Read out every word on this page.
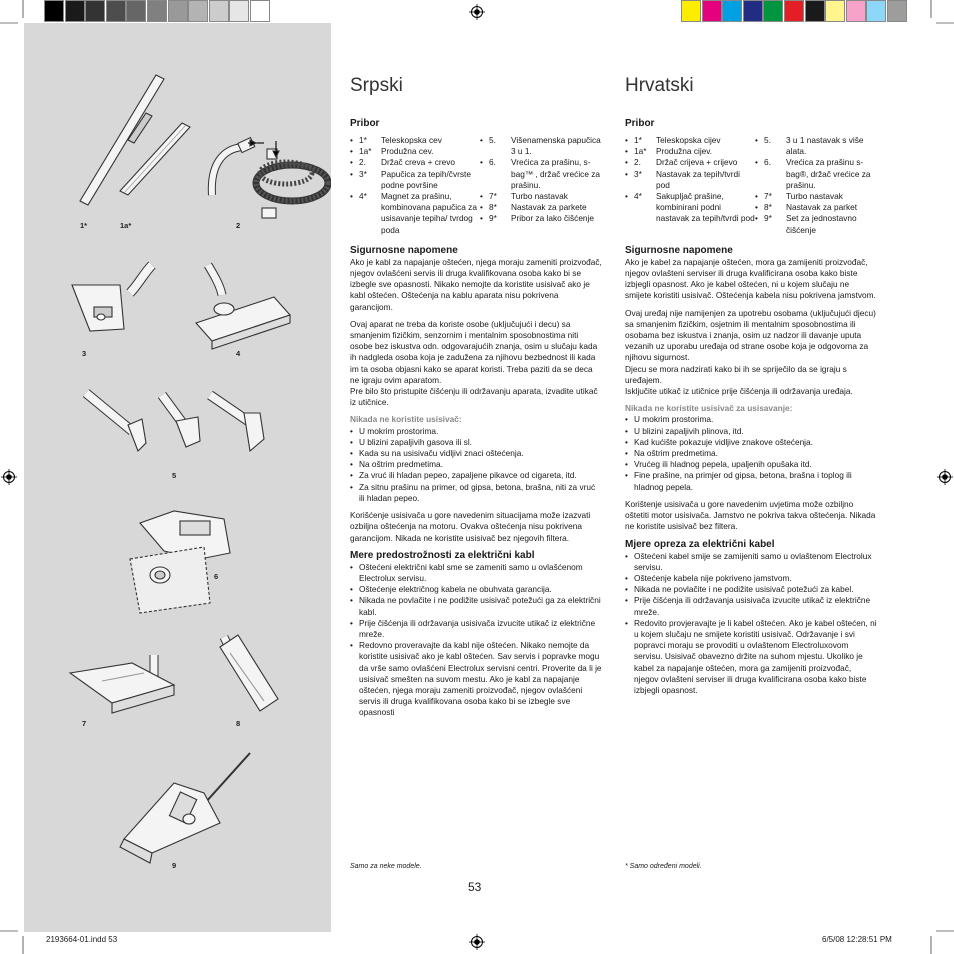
1*	1a*	2
3	4
5
6
7	8
9
Srpski
Pribor
• 1*	Teleskopska cev
• 1a*	Produžna cev.
• 2.	Držač creva + crevo
• 3*	Papučica za tepih/čvrste podne površine
• 4*	Magnet za prašinu, kombinovana papučica za usisavanje tepiha/ tvrdog poda
• 5.	Višenamenska papučica 3 u 1.
• 6.	Vrećica za prašinu, s-bag™ , držač vrećice za prašinu.
• 7*	Turbo nastavak
• 8*	Nastavak za parkete
• 9*	Pribor za lako čišćenje
Sigurnosne napomene

Ako je kabl za napajanje oštećen, njega moraju zameniti proizvođač, njegov ovlašćeni servis ili druga kvalifikovana osoba kako bi se izbegle sve opasnosti. Nikako nemojte da koristite usisivač ako je kabl oštećen. Oštećenja na kablu aparata nisu pokrivena garancijom.

Ovaj aparat ne treba da koriste osobe (uključujući i decu) sa smanjenim fizičkim, senzornim i mentalnim sposobnostima niti osobe bez iskustva odn. odgovarajućih znanja, osim u slučaju kada ih nadgleda osoba koja je zadužena za njihovu bezbednost ili kada im ta osoba objasni kako se aparat koristi. Treba paziti da se deca ne igraju ovim aparatom.

Pre bilo što pristupite čišćenju ili održavanju aparata, izvadite utikač iz utičnice.

Nikada ne koristite usisivač:

• U mokrim prostorima.
• U blizini zapaljivih gasova ili sl.
• Kada su na usisivaču vidljivi znaci oštećenja.
• Na oštrim predmetima.
• Za vruć ili hladan pepeo, zapaljene pikavce od cigareta, itd.
• Za sitnu prašinu na primer, od gipsa, betona, brašna, niti za vruć ili hladan pepeo.

Korišćenje usisivača u gore navedenim situacijama može izazvati ozbiljna oštećenja na motoru. Ovakva oštećenja nisu pokrivena garancijom. Nikada ne koristite usisivač bez njegovih filtera.

Mere predostrožnosti za električni kabl
• Oštećeni električni kabl sme se zameniti samo u ovlašćenom Electrolux servisu.
• Oštećenje električnog kabela ne obuhvata garancija.
• Nikada ne povlačite i ne podižite usisivač potežući ga za električni kabl.
• Prije čišćenja ili održavanja usisivača izvucite utikač iz električne mreže.
• Redovno proveravajte da kabl nije oštećen. Nikako nemojte da koristite usisivač ako je kabl oštećen. Sav servis i popravke mogu da vrše samo ovlašćeni Electrolux servisni centri. Proverite da li je usisivač smešten na suvom mestu. Ako je kabl za napajanje oštećen, njega moraju zameniti proizvođač, njegov ovlašćeni servis ili druga kvalifikovana osoba kako bi se izbegle sve opasnosti
Hrvatski
Pribor
• 1*	Teleskopska cijev
• 1a*	Produžna cijev.
• 2.	Držač crijeva + crijevo
• 3*	Nastavak za tepih/tvrdi pod
• 4*	Sakupljač prašine, kombinirani podni nastavak za tepih/tvrdi pod
• 5.	3 u 1 nastavak s više alata.
• 6.	Vrećica za prašinu s-bag®, držač vrećice za prašinu.
• 7*	Turbo nastavak
• 8*	Nastavak za parket
• 9*	Set za jednostavno čišćenje
Sigurnosne napomene

Ako je kabel za napajanje oštećen, mora ga zamijeniti proizvođač, njegov ovlašteni serviser ili druga kvalificirana osoba kako biste izbjegli opasnost. Ako je kabel oštećen, ni u kojem slučaju ne smijete koristiti usisivač. Oštećenja kabela nisu pokrivena jamstvom.

Ovaj uređaj nije namijenjen za upotrebu osobama (uključujući djecu) sa smanjenim fizičkim, osjetnim ili mentalnim sposobnostima ili osobama bez iskustva i znanja, osim uz nadzor ili davanje uputa vezanih uz uporabu uređaja od strane osobe koja je odgovorna za njihovu sigurnost.

Djecu se mora nadzirati kako bi ih se spriječilo da se igraju s uređajem.

Isključite utikač iz utičnice prije čišćenja ili održavanja uređaja.

Nikada ne koristite usisivač za usisavanje:

• U mokrim prostorima.
• U blizini zapaljivih plinova, itd.
• Kad kućište pokazuje vidljive znakove oštećenja.
• Na oštrim predmetima.
• Vrućeg ili hladnog pepela, upaljenih opušaka itd.
• Fine prašine, na primjer od gipsa, betona, brašna i toplog ili hladnog pepela.

Korištenje usisivača u gore navedenim uvjetima može ozbiljno oštetiti motor usisivača. Jamstvo ne pokriva takva oštećenja. Nikada ne koristite usisivač bez filtera.

Mjere opreza za električni kabel
• Oštećeni kabel smije se zamijeniti samo u ovlaštenom Electrolux servisu.
• Oštećenje kabela nije pokriveno jamstvom.
• Nikada ne povlačite i ne podižite usisivač potežući za kabel.
• Prije čišćenja ili održavanja usisivača izvucite utikač iz električne mreže.
• Redovito provjeravajte je li kabel oštećen. Ako je kabel oštećen, ni u kojem slučaju ne smijete koristiti usisivač. Održavanje i svi popravci moraju se provoditi u ovlaštenom Electroluxovom servisu. Usisivač obavezno držite na suhom mjestu. Ukoliko je kabel za napajanje oštećen, mora ga zamijeniti proizvođač, njegov ovlašteni serviser ili druga kvalificirana osoba kako biste izbjegli opasnost.
Samo za neke modele.	* Samo određeni modeli.
53
2193664-01.indd 53	6/5/08 12:28:51 PM
